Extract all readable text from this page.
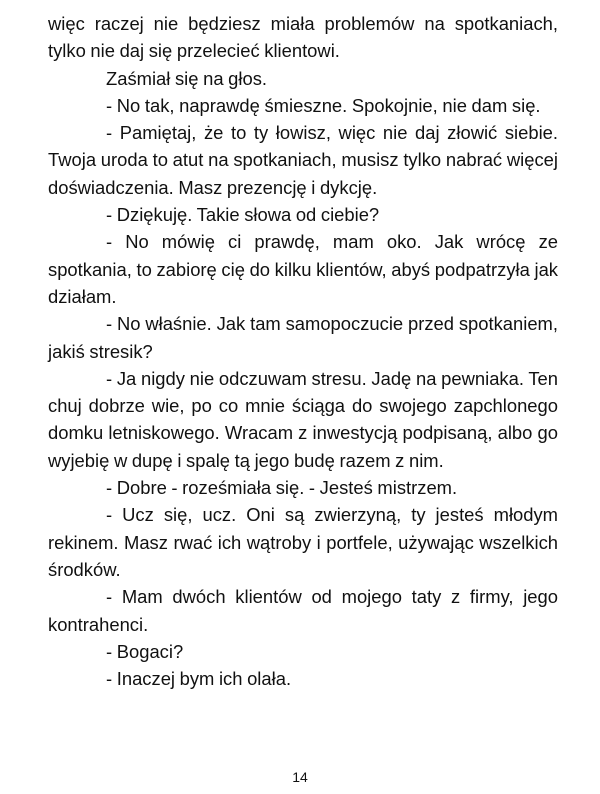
więc raczej nie będziesz miała problemów na spotkaniach, tylko nie daj się przelecieć klientowi.

Zaśmiał się na głos.

- No tak, naprawdę śmieszne. Spokojnie, nie dam się.

- Pamiętaj, że to ty łowisz, więc nie daj złowić siebie. Twoja uroda to atut na spotkaniach, musisz tylko nabrać więcej doświadczenia. Masz prezencję i dykcję.

- Dziękuję. Takie słowa od ciebie?

- No mówię ci prawdę, mam oko. Jak wrócę ze spotkania, to zabiorę cię do kilku klientów, abyś podpatrzyła jak działam.

- No właśnie. Jak tam samopoczucie przed spotkaniem, jakiś stresik?

- Ja nigdy nie odczuwam stresu. Jadę na pewniaka. Ten chuj dobrze wie, po co mnie ściąga do swojego zapchlonego domku letniskowego. Wracam z inwestycją podpisaną, albo go wyjebię w dupę i spalę tą jego budę razem z nim.

- Dobre - roześmiała się. - Jesteś mistrzem.

- Ucz się, ucz. Oni są zwierzyną, ty jesteś młodym rekinem. Masz rwać ich wątroby i portfele, używając wszelkich środków.

- Mam dwóch klientów od mojego taty z firmy, jego kontrahenci.

- Bogaci?

- Inaczej bym ich olała.

14
